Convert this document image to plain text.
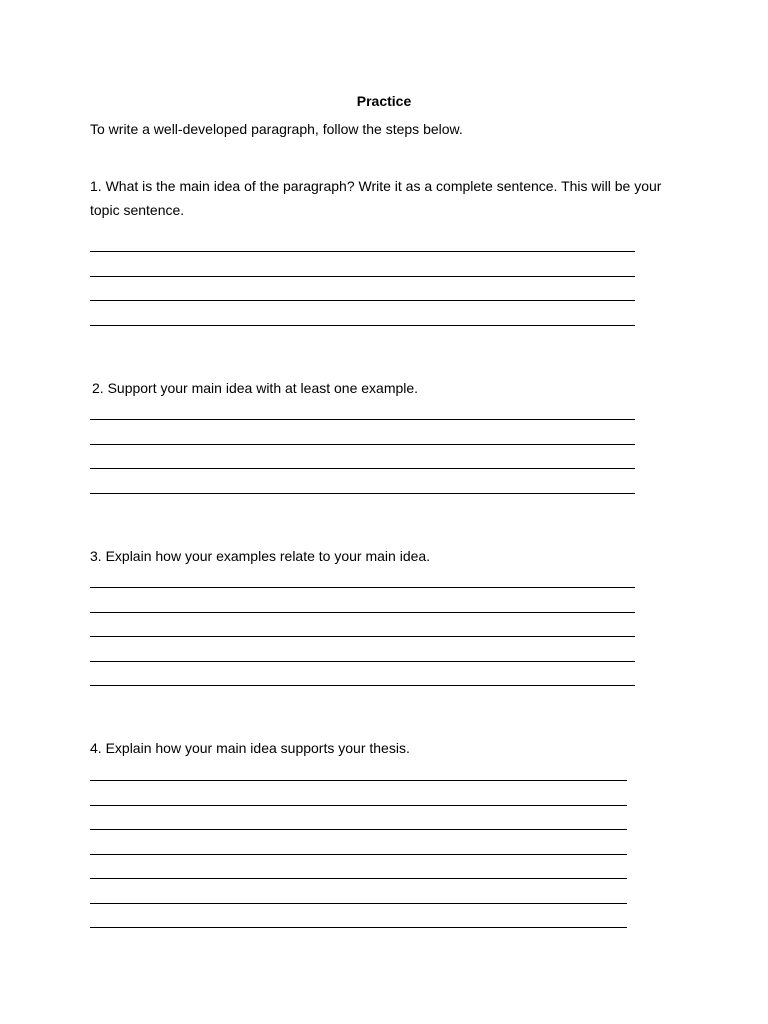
Practice
To write a well-developed paragraph, follow the steps below.
1. What is the main idea of the paragraph? Write it as a complete sentence. This will be your topic sentence.
2. Support your main idea with at least one example.
3. Explain how your examples relate to your main idea.
4. Explain how your main idea supports your thesis.
